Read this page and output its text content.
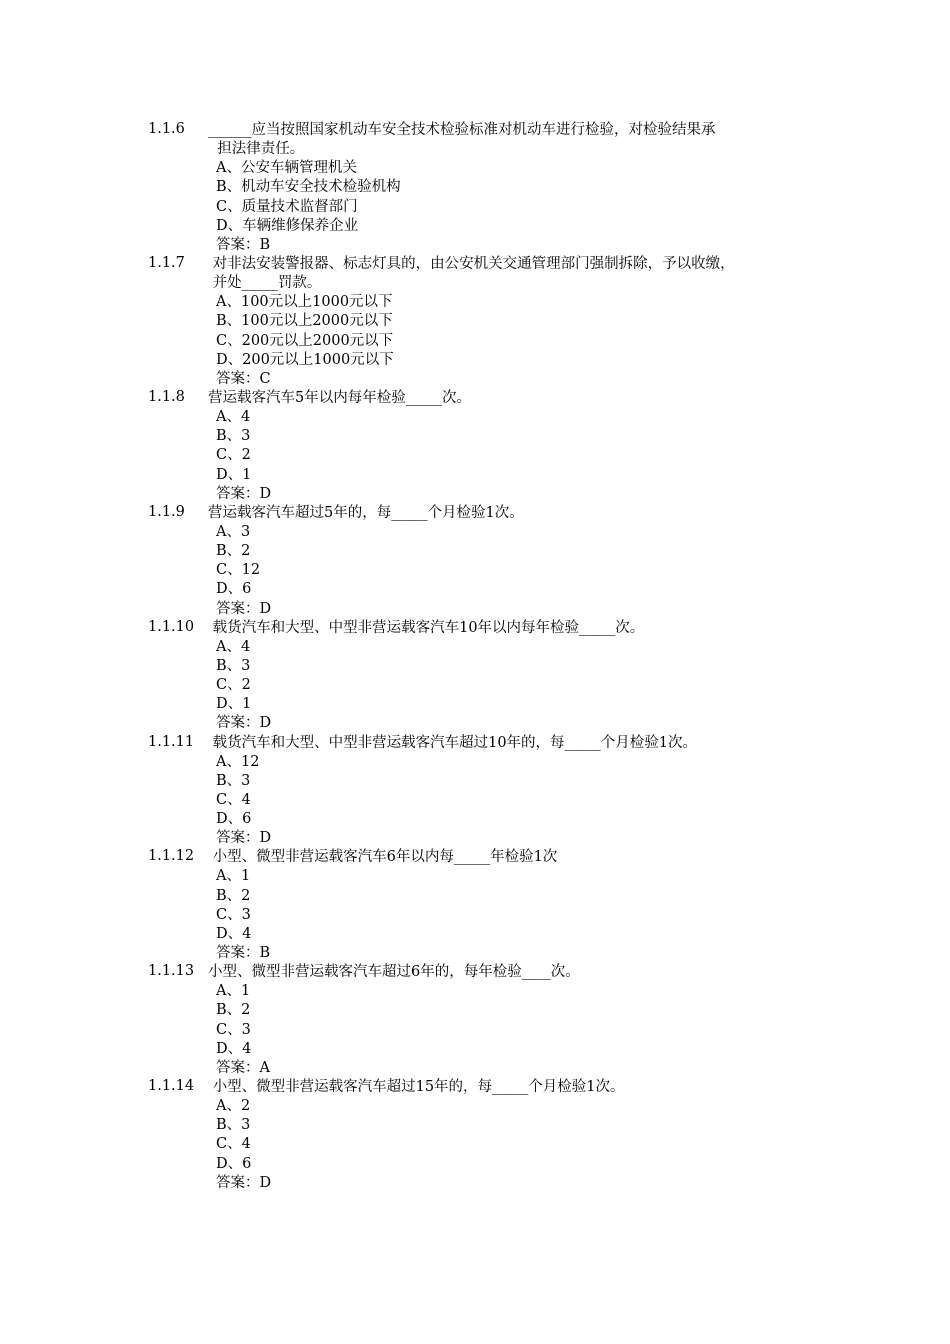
1.1.6	______应当按照国家机动车安全技术检验标准对机动车进行检验，对检验结果承
担法律责任。
A、公安车辆管理机关
B、机动车安全技术检验机构
C、质量技术监督部门
D、车辆维修保养企业
答案：B
1.1.7	对非法安装警报器、标志灯具的，由公安机关交通管理部门强制拆除，予以收缴，
并处_____罚款。
A、100元以上1000元以下
B、100元以上2000元以下
C、200元以上2000元以下
D、200元以上1000元以下
答案：C
1.1.8	营运载客汽车5年以内每年检验_____次。
A、4
B、3
C、2
D、1
答案：D
1.1.9	营运载客汽车超过5年的，每_____个月检验1次。
A、3
B、2
C、12
D、6
答案：D
1.1.10 载货汽车和大型、中型非营运载客汽车10年以内每年检验_____次。
A、4
B、3
C、2
D、1
答案：D
1.1.11 载货汽车和大型、中型非营运载客汽车超过10年的，每_____个月检验1次。
A、12
B、3
C、4
D、6
答案：D
1.1.12 小型、微型非营运载客汽车6年以内每_____年检验1次
A、1
B、2
C、3
D、4
答案：B
1.1.13 小型、微型非营运载客汽车超过6年的，每年检验____次。
A、1
B、2
C、3
D、4
答案：A
1.1.14 小型、微型非营运载客汽车超过15年的，每_____个月检验1次。
A、2
B、3
C、4
D、6
答案：D
